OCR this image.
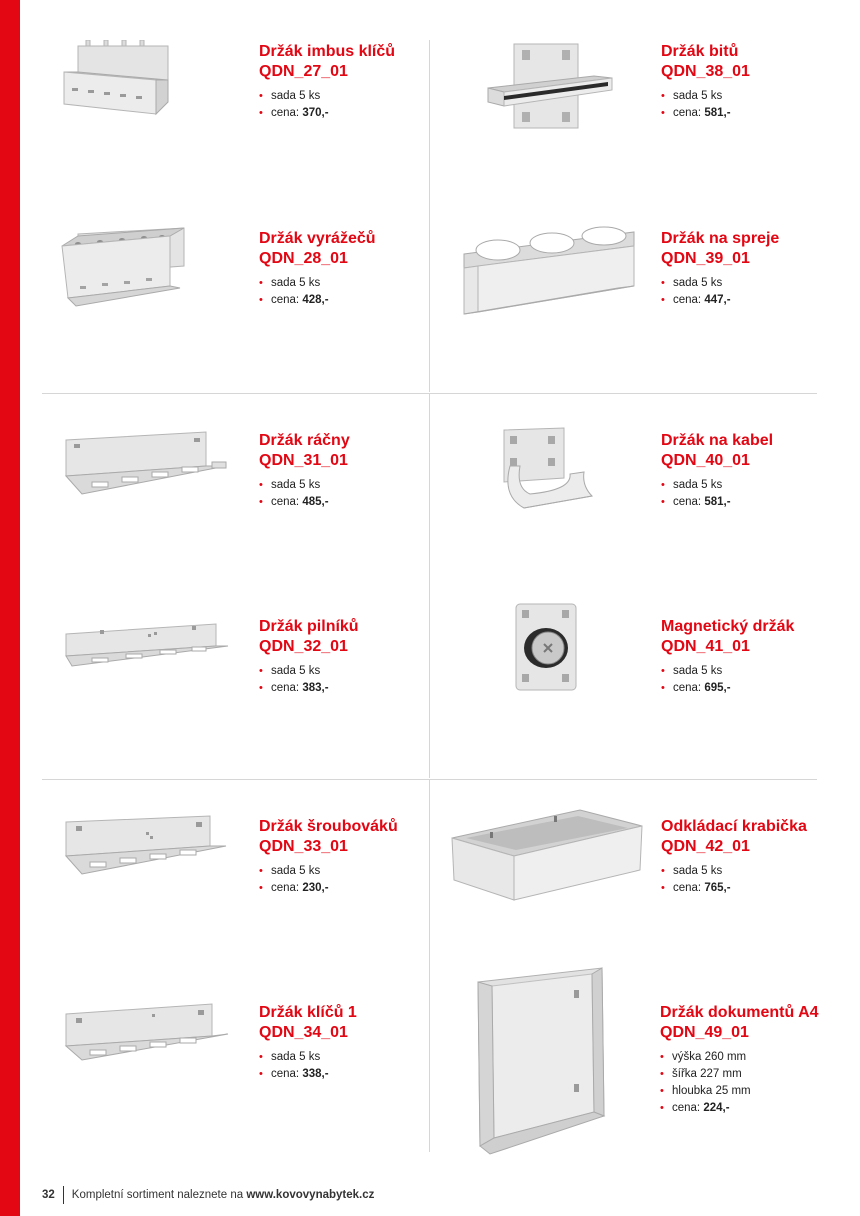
Držák imbus klíčů

QDN_27_01

• sada 5 ks
• cena: 370,-

Držák bitů

QDN_38_01

• sada 5 ks
• cena: 581,-

Držák vyrážečů

QDN_28_01

• sada 5 ks
• cena: 428,-

Držák na spreje

QDN_39_01

• sada 5 ks
• cena: 447,-

Držák ráčny

QDN_31_01

• sada 5 ks
• cena: 485,-

Držák na kabel

QDN_40_01

• sada 5 ks
• cena: 581,-

Držák pilníků

QDN_32_01

• sada 5 ks
• cena: 383,-

Magnetický držák

QDN_41_01

• sada 5 ks
• cena: 695,-

Držák šroubováků

QDN_33_01

• sada 5 ks
• cena: 230,-

Odkládací krabička

QDN_42_01

• sada 5 ks
• cena: 765,-

Držák klíčů 1

QDN_34_01

• sada 5 ks
• cena: 338,-

Držák dokumentů A4

QDN_49_01

• výška 260 mm
• šířka 227 mm
• hloubka 25 mm
• cena: 224,-
32 Kompletní sortiment naleznete na
www.kovovynabytek.cz
